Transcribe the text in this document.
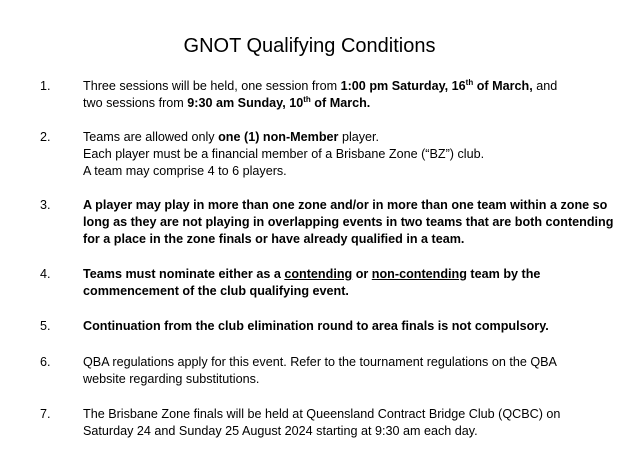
GNOT Qualifying Conditions
1.	Three sessions will be held, one session from 1:00 pm Saturday, 16th of March, and
two sessions from 9:30 am Sunday, 10th of March.
2.	Teams are allowed only one (1) non-Member player.
Each player must be a financial member of a Brisbane Zone (“BZ”) club.
A team may comprise 4 to 6 players.
3.	A player may play in more than one zone and/or in more than one team within a zone so
long as they are not playing in overlapping events in two teams that are both contending
for a place in the zone finals or have already qualified in a team.
4.	Teams must nominate either as a contending or non-contending team by the
commencement of the club qualifying event.
5.	Continuation from the club elimination round to area finals is not compulsory.
6.	QBA regulations apply for this event. Refer to the tournament regulations on the QBA
website regarding substitutions.
7.	The Brisbane Zone finals will be held at Queensland Contract Bridge Club (QCBC) on
Saturday 24 and Sunday 25 August 2024 starting at 9:30 am each day.
